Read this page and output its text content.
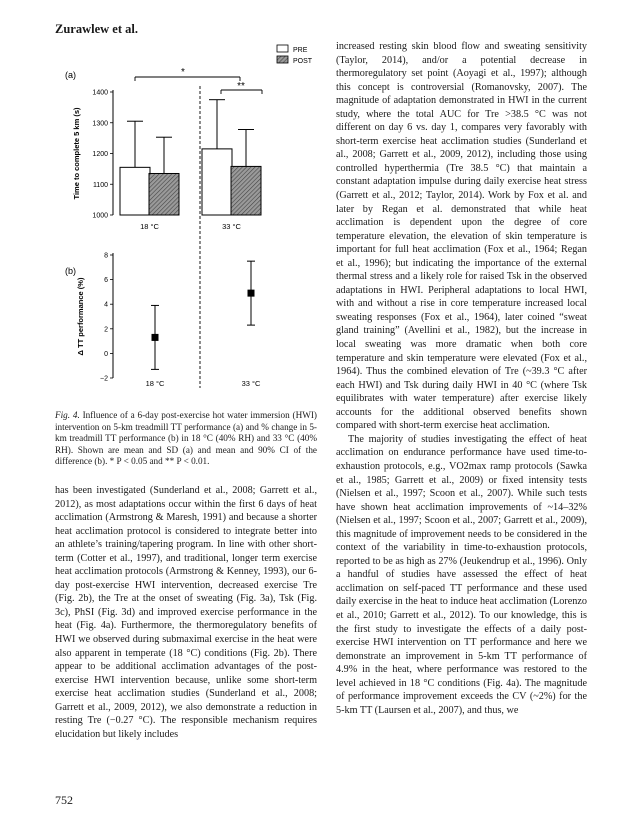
Zurawlew et al.
(a)
PRE
POST
Time to complete 5 km (s)
1000
1100
1200
1300
1400
18 °C	33 °C
*
**
(b)
Δ TT performance (%)
−2
0
2
4
6
8
18 °C	33 °C
Fig. 4. Influence of a 6-day post-exercise hot water immersion (HWI) intervention on 5-km treadmill TT performance (a) and % change in 5-km treadmill TT performance (b) in 18 °C (40% RH) and 33 °C (40% RH). Shown are mean and SD (a) and mean and 90% CI of the difference (b). * P < 0.05 and ** P < 0.01.

has been investigated (Sunderland et al., 2008; Garrett et al., 2012), as most adaptations occur within the first 6 days of heat acclimation (Armstrong & Maresh, 1991) and because a shorter heat acclimation protocol is considered to integrate better into an athlete’s training/tapering program. In line with other short-term (Cotter et al., 1997), and traditional, longer term exercise heat acclimation protocols (Armstrong & Kenney, 1993), our 6-day post-exercise HWI intervention, decreased exercise Tre (Fig. 2b), the Tre at the onset of sweating (Fig. 3a), Tsk (Fig. 3c), PhSI (Fig. 3d) and improved exercise performance in the heat (Fig. 4a). Furthermore, the thermoregulatory benefits of HWI we observed during submaximal exercise in the heat were also apparent in temperate (18 °C) conditions (Fig. 2b). There appear to be additional acclimation advantages of the post-exercise HWI intervention because, unlike some short-term exercise heat acclimation studies (Sunderland et al., 2008; Garrett et al., 2009, 2012), we also demonstrate a reduction in resting Tre (−0.27 °C). The responsible mechanism requires elucidation but likely includes

increased resting skin blood flow and sweating sensitivity (Taylor, 2014), and/or a potential decrease in thermoregulatory set point (Aoyagi et al., 1997); although this concept is controversial (Romanovsky, 2007). The magnitude of adaptation demonstrated in HWI in the current study, where the total AUC for Tre >38.5 °C was not different on day 6 vs. day 1, compares very favorably with short-term exercise heat acclimation studies (Sunderland et al., 2008; Garrett et al., 2009, 2012), including those using controlled hyperthermia (Tre 38.5 °C) that maintain a constant adaptation impulse during daily exercise heat stress (Garrett et al., 2012; Taylor, 2014). Work by Fox et al. and later by Regan et al. demonstrated that while heat acclimation is dependent upon the degree of core temperature elevation, the elevation of skin temperature is important for full heat acclimation (Fox et al., 1964; Regan et al., 1996); but indicating the importance of the external thermal stress and a likely role for raised Tsk in the observed adaptations in HWI. Peripheral adaptations to local HWI, with and without a rise in core temperature increased local sweating responses (Fox et al., 1964), later coined “sweat gland training” (Avellini et al., 1982), but the increase in local sweating was more dramatic when both core temperature and skin temperature were elevated (Fox et al., 1964). Thus the combined elevation of Tre (~39.3 °C after each HWI) and Tsk during daily HWI in 40 °C (where Tsk equilibrates with water temperature) after exercise likely accounts for the additional observed benefits shown compared with short-term exercise heat acclimation.

The majority of studies investigating the effect of heat acclimation on endurance performance have used time-to-exhaustion protocols, e.g., VO2max ramp protocols (Sawka et al., 1985; Garrett et al., 2009) or fixed intensity tests (Nielsen et al., 1997; Scoon et al., 2007). While such tests have shown heat acclimation improvements of ~14–32% (Nielsen et al., 1997; Scoon et al., 2007; Garrett et al., 2009), this magnitude of improvement needs to be considered in the context of the variability in time-to-exhaustion protocols, reported to be as high as 27% (Jeukendrup et al., 1996). Only a handful of studies have assessed the effect of heat acclimation on self-paced TT performance and these used daily exercise in the heat to induce heat acclimation (Lorenzo et al., 2010; Garrett et al., 2012). To our knowledge, this is the first study to investigate the effects of a daily post-exercise HWI intervention on TT performance and here we demonstrate an improvement in 5-km TT performance of 4.9% in the heat, where performance was restored to the level achieved in 18 °C conditions (Fig. 4a). The magnitude of performance improvement exceeds the CV (~2%) for the 5-km TT (Laursen et al., 2007), and thus, we

752
